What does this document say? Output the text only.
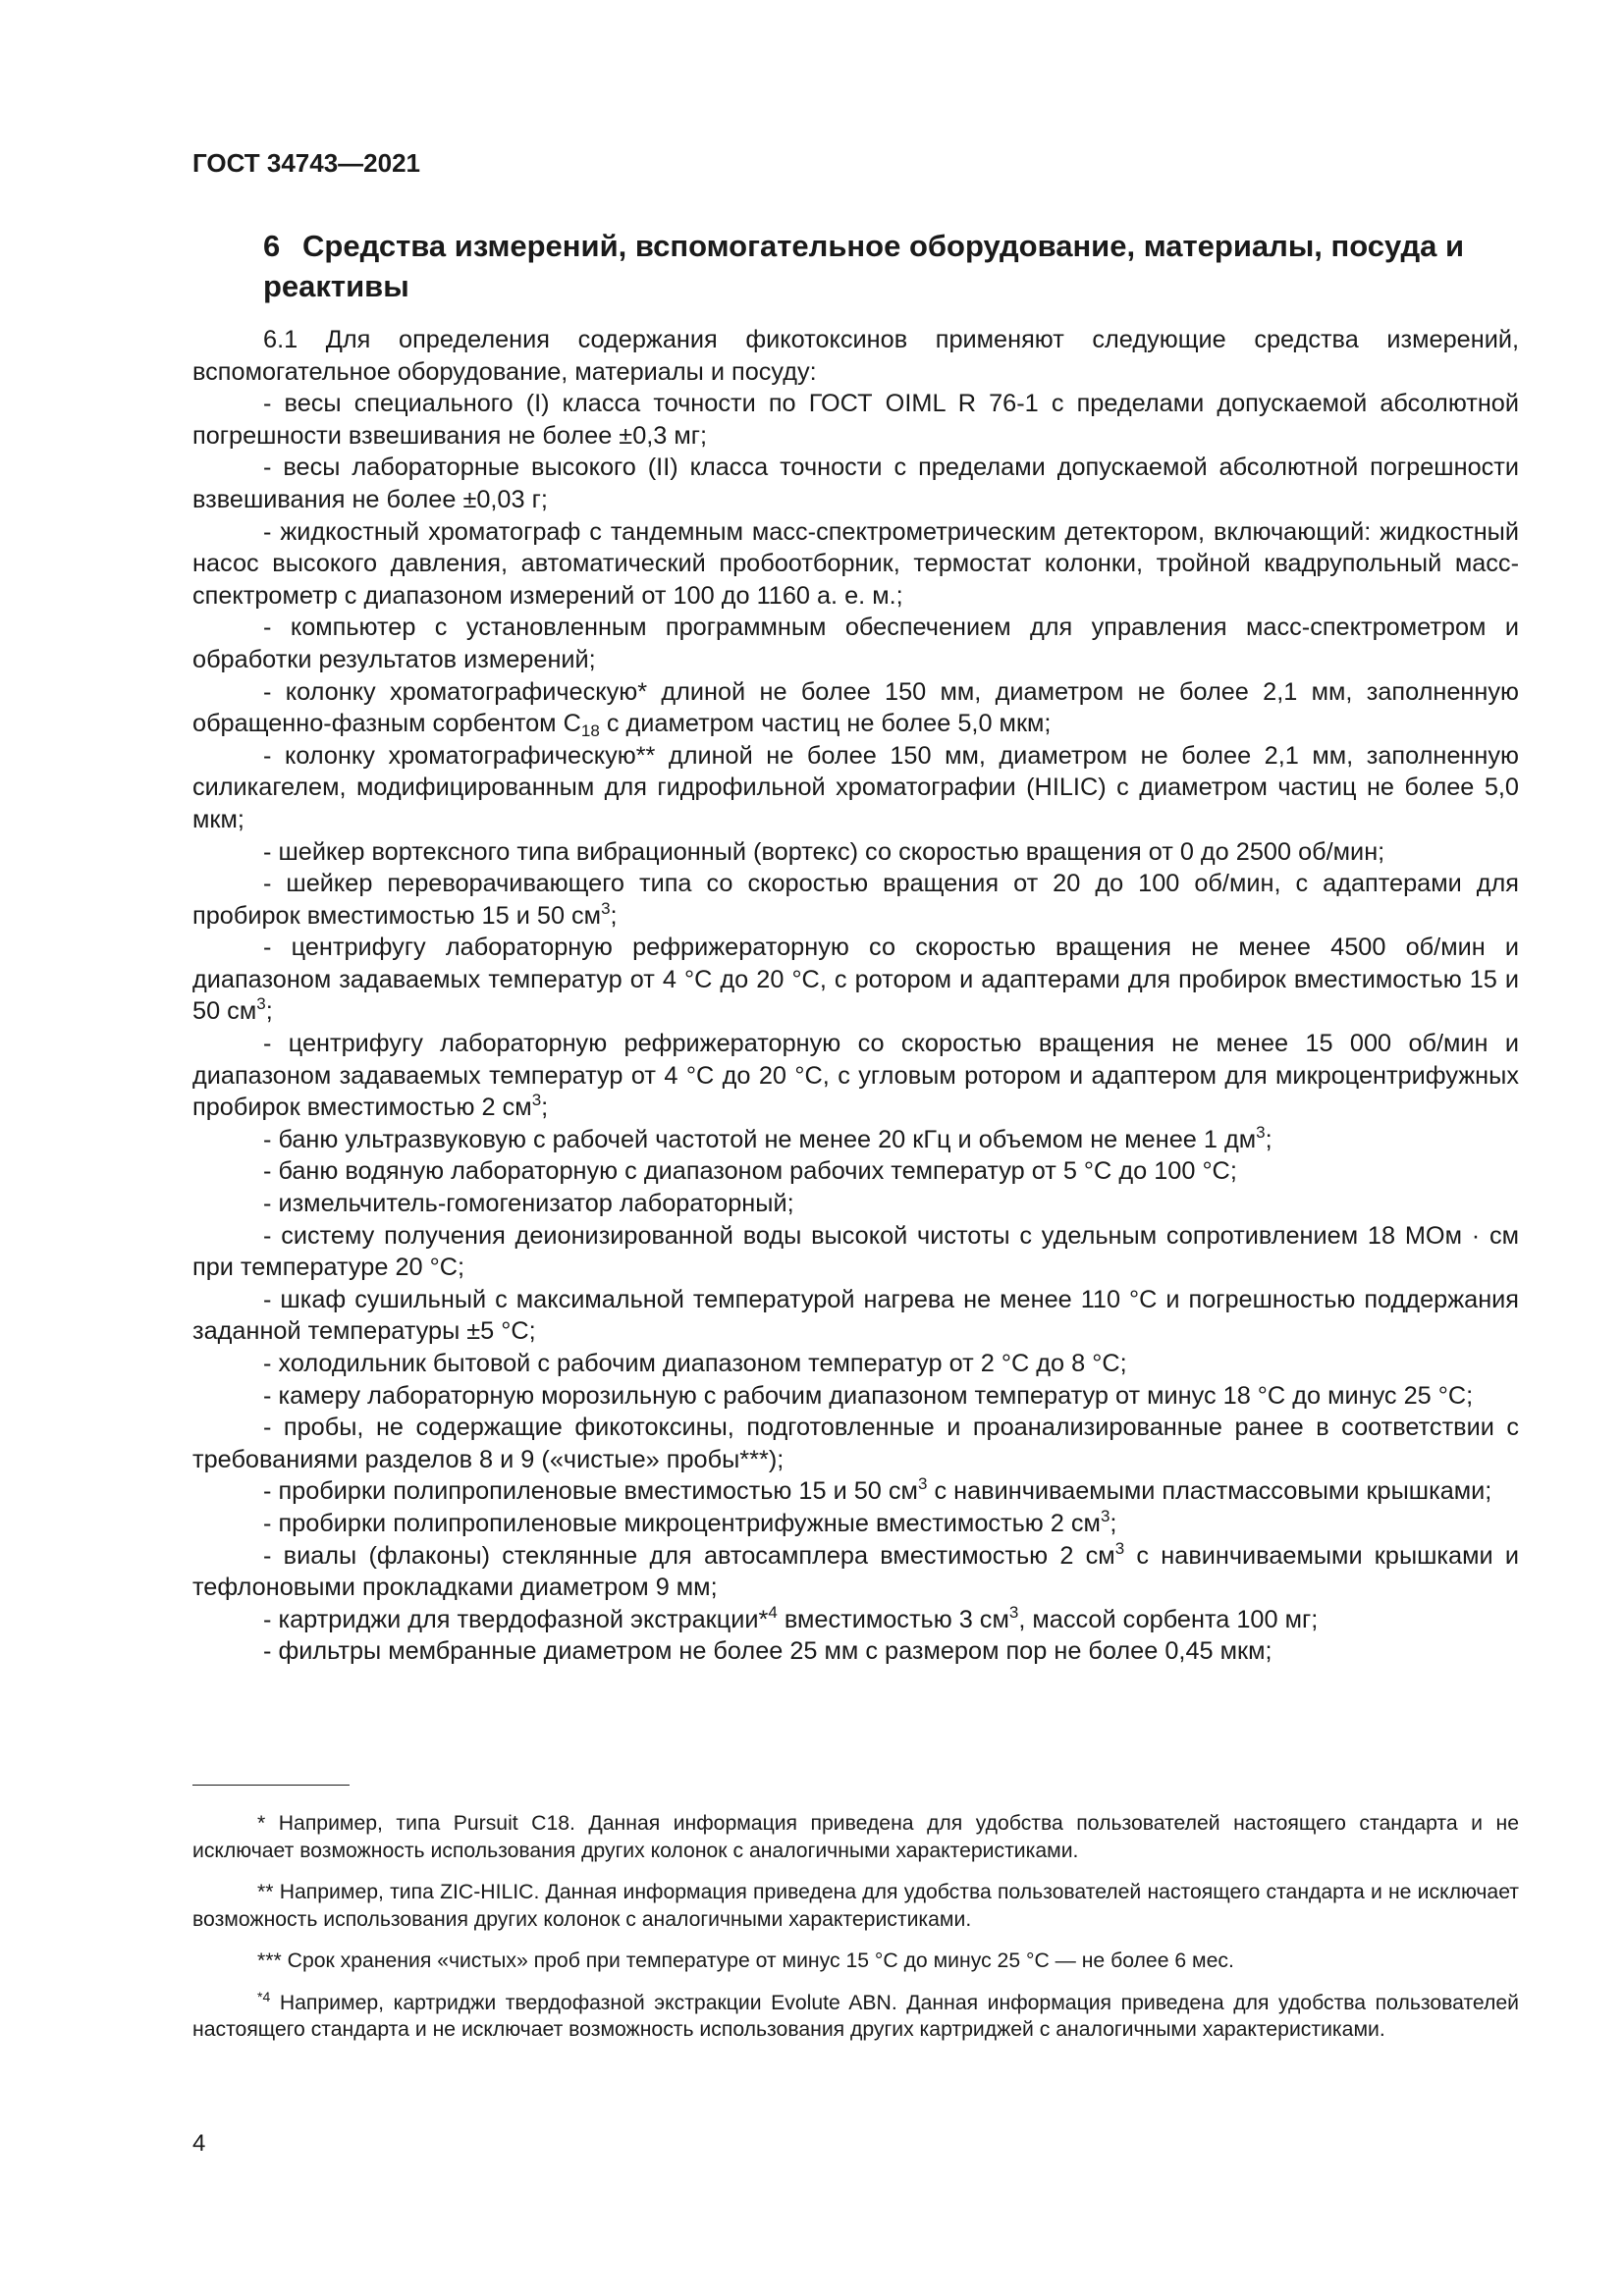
ГОСТ 34743—2021
6 Средства измерений, вспомогательное оборудование, материалы, посуда и реактивы

6.1 Для определения содержания фикотоксинов применяют следующие средства измерений, вспомогательное оборудование, материалы и посуду:

- весы специального (I) класса точности по ГОСТ OIML R 76-1 с пределами допускаемой абсолютной погрешности взвешивания не более ±0,3 мг;

- весы лабораторные высокого (II) класса точности с пределами допускаемой абсолютной погрешности взвешивания не более ±0,03 г;

- жидкостный хроматограф с тандемным масс-спектрометрическим детектором, включающий: жидкостный насос высокого давления, автоматический пробоотборник, термостат колонки, тройной квадрупольный масс-спектрометр с диапазоном измерений от 100 до 1160 а. е. м.;

- компьютер с установленным программным обеспечением для управления масс-спектрометром и обработки результатов измерений;

- колонку хроматографическую* длиной не более 150 мм, диаметром не более 2,1 мм, заполненную обращенно-фазным сорбентом $С_{18}$ с диаметром частиц не более 5,0 мкм;

- колонку хроматографическую** длиной не более 150 мм, диаметром не более 2,1 мм, заполненную силикагелем, модифицированным для гидрофильной хроматографии (HILIC) с диаметром частиц не более 5,0 мкм;

- шейкер вортексного типа вибрационный (вортекс) со скоростью вращения от 0 до 2500 об/мин;

- шейкер переворачивающего типа со скоростью вращения от 20 до 100 об/мин, с адаптерами для пробирок вместимостью 15 и 50 $см^3$;

- центрифугу лабораторную рефрижераторную со скоростью вращения не менее 4500 об/мин и диапазоном задаваемых температур от 4 °С до 20 °С, с ротором и адаптерами для пробирок вместимостью 15 и 50 $см^3$;

- центрифугу лабораторную рефрижераторную со скоростью вращения не менее 15 000 об/мин и диапазоном задаваемых температур от 4 °С до 20 °С, с угловым ротором и адаптером для микроцентрифужных пробирок вместимостью 2 $см^3$;

- баню ультразвуковую с рабочей частотой не менее 20 кГц и объемом не менее 1 $дм^3$;

- баню водяную лабораторную с диапазоном рабочих температур от 5 °С до 100 °С;

- измельчитель-гомогенизатор лабораторный;

- систему получения деионизированной воды высокой чистоты с удельным сопротивлением 18 МОм · см при температуре 20 °С;

- шкаф сушильный с максимальной температурой нагрева не менее 110 °С и погрешностью поддержания заданной температуры ±5 °С;

- холодильник бытовой с рабочим диапазоном температур от 2 °С до 8 °С;

- камеру лабораторную морозильную с рабочим диапазоном температур от минус 18 °С до минус 25 °С;

- пробы, не содержащие фикотоксины, подготовленные и проанализированные ранее в соответствии с требованиями разделов 8 и 9 («чистые» пробы***);

- пробирки полипропиленовые вместимостью 15 и 50 $см^3$ с навинчиваемыми пластмассовыми крышками;

- пробирки полипропиленовые микроцентрифужные вместимостью 2 $см^3$;

- виалы (флаконы) стеклянные для автосамплера вместимостью 2 $см^3$ с навинчиваемыми крышками и тефлоновыми прокладками диаметром 9 мм;

- картриджи для твердофазной экстракции*$^4$ вместимостью 3 $см^3$, массой сорбента 100 мг;

- фильтры мембранные диаметром не более 25 мм с размером пор не более 0,45 мкм;

* Например, типа Pursuit C18. Данная информация приведена для удобства пользователей настоящего стандарта и не исключает возможность использования других колонок с аналогичными характеристиками.

** Например, типа ZIC-HILIC. Данная информация приведена для удобства пользователей настоящего стандарта и не исключает возможность использования других колонок с аналогичными характеристиками.

*** Срок хранения «чистых» проб при температуре от минус 15 °С до минус 25 °С — не более 6 мес.

$^{*4}$ Например, картриджи твердофазной экстракции Evolute ABN. Данная информация приведена для удобства пользователей настоящего стандарта и не исключает возможность использования других картриджей с аналогичными характеристиками.

4
